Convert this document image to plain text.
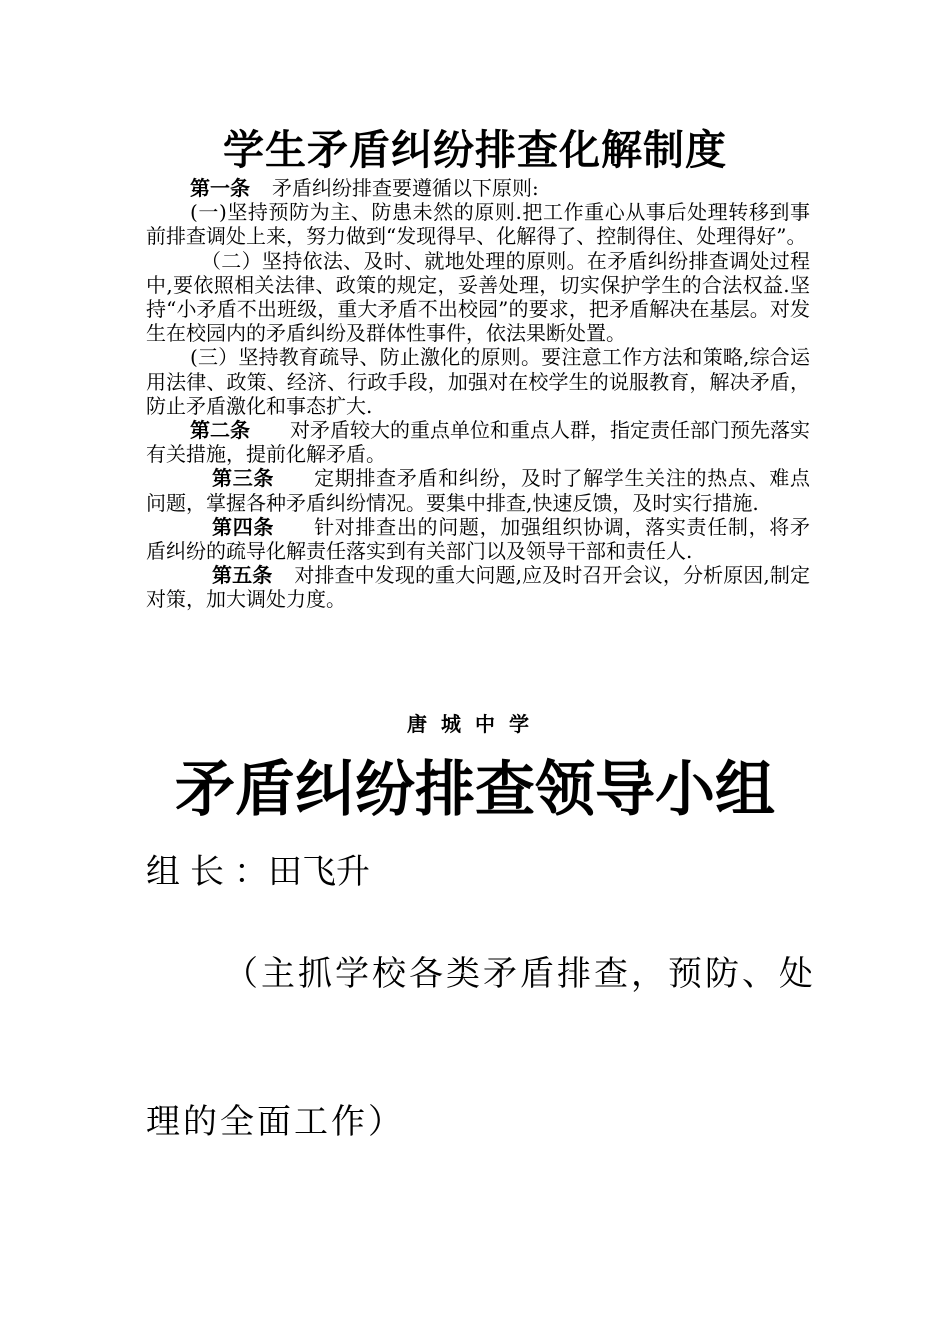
学生矛盾纠纷排查化解制度

第一条 矛盾纠纷排查要遵循以下原则:

(一)坚持预防为主、防患未然的原则.把工作重心从事后处理转移到事前排查调处上来，努力做到“发现得早、化解得了、控制得住、处理得好”。

（二）坚持依法、及时、就地处理的原则。在矛盾纠纷排查调处过程中,要依照相关法律、政策的规定，妥善处理，切实保护学生的合法权益.坚持“小矛盾不出班级，重大矛盾不出校园”的要求，把矛盾解决在基层。对发生在校园内的矛盾纠纷及群体性事件，依法果断处置。

(三）坚持教育疏导、防止激化的原则。要注意工作方法和策略,综合运用法律、政策、经济、行政手段，加强对在校学生的说服教育，解决矛盾，防止矛盾激化和事态扩大.

第二条 对矛盾较大的重点单位和重点人群，指定责任部门预先落实有关措施，提前化解矛盾。

第三条 定期排查矛盾和纠纷，及时了解学生关注的热点、难点问题，掌握各种矛盾纠纷情况。要集中排查,快速反馈，及时实行措施.

第四条 针对排查出的问题，加强组织协调，落实责任制，将矛盾纠纷的疏导化解责任落实到有关部门以及领导干部和责任人.

第五条 对排查中发现的重大问题,应及时召开会议，分析原因,制定对策，加大调处力度。

唐城中学
矛盾纠纷排查领导小组
组长：田飞升
（主抓学校各类矛盾排查，预防、处
理的全面工作）
